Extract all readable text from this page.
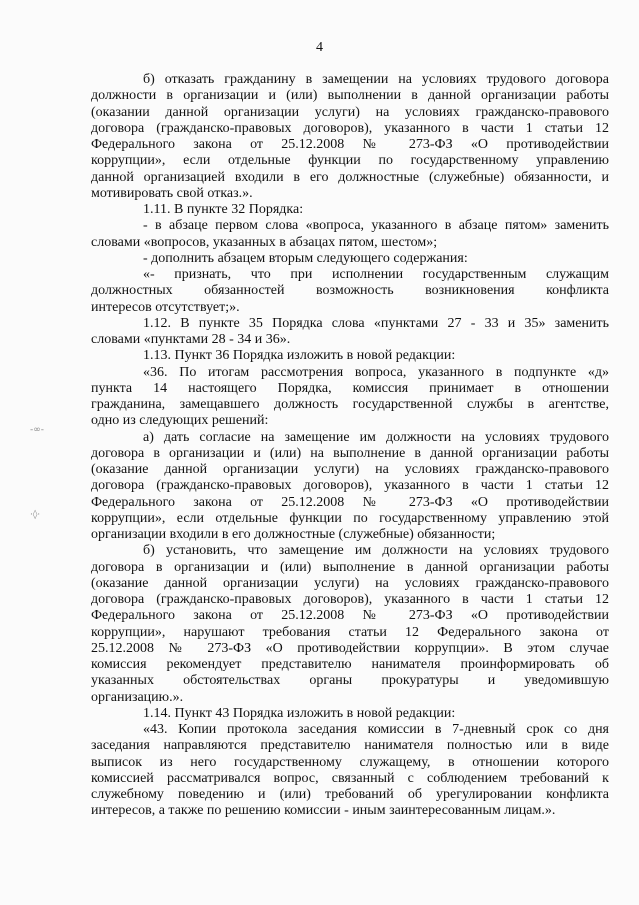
4
-∞-
·◊·
б) отказать гражданину в замещении на условиях трудового договора
должности в организации и (или) выполнении в данной организации работы
(оказании данной организации услуги) на условиях гражданско-правового
договора (гражданско-правовых договоров), указанного в части 1 статьи 12
Федерального закона от 25.12.2008 № 273-ФЗ «О противодействии
коррупции», если отдельные функции по государственному управлению
данной организацией входили в его должностные (служебные) обязанности, и
мотивировать свой отказ.».
1.11. В пункте 32 Порядка:
- в абзаце первом слова «вопроса, указанного в абзаце пятом» заменить
словами «вопросов, указанных в абзацах пятом, шестом»;
- дополнить абзацем вторым следующего содержания:
«- признать, что при исполнении государственным служащим
должностных обязанностей возможность возникновения конфликта
интересов отсутствует;».
1.12. В пункте 35 Порядка слова «пунктами 27 - 33 и 35» заменить
словами «пунктами 28 - 34 и 36».
1.13. Пункт 36 Порядка изложить в новой редакции:
«36. По итогам рассмотрения вопроса, указанного в подпункте «д»
пункта 14 настоящего Порядка, комиссия принимает в отношении
гражданина, замещавшего должность государственной службы в агентстве,
одно из следующих решений:
а) дать согласие на замещение им должности на условиях трудового
договора в организации и (или) на выполнение в данной организации работы
(оказание данной организации услуги) на условиях гражданско-правового
договора (гражданско-правовых договоров), указанного в части 1 статьи 12
Федерального закона от 25.12.2008 № 273-ФЗ «О противодействии
коррупции», если отдельные функции по государственному управлению этой
организации входили в его должностные (служебные) обязанности;
б) установить, что замещение им должности на условиях трудового
договора в организации и (или) выполнение в данной организации работы
(оказание данной организации услуги) на условиях гражданско-правового
договора (гражданско-правовых договоров), указанного в части 1 статьи 12
Федерального закона от 25.12.2008 № 273-ФЗ «О противодействии
коррупции», нарушают требования статьи 12 Федерального закона от
25.12.2008 № 273-ФЗ «О противодействии коррупции». В этом случае
комиссия рекомендует представителю нанимателя проинформировать об
указанных обстоятельствах органы прокуратуры и уведомившую
организацию.».
1.14. Пункт 43 Порядка изложить в новой редакции:
«43. Копии протокола заседания комиссии в 7-дневный срок со дня
заседания направляются представителю нанимателя полностью или в виде
выписок из него государственному служащему, в отношении которого
комиссией рассматривался вопрос, связанный с соблюдением требований к
служебному поведению и (или) требований об урегулировании конфликта
интересов, а также по решению комиссии - иным заинтересованным лицам.».
